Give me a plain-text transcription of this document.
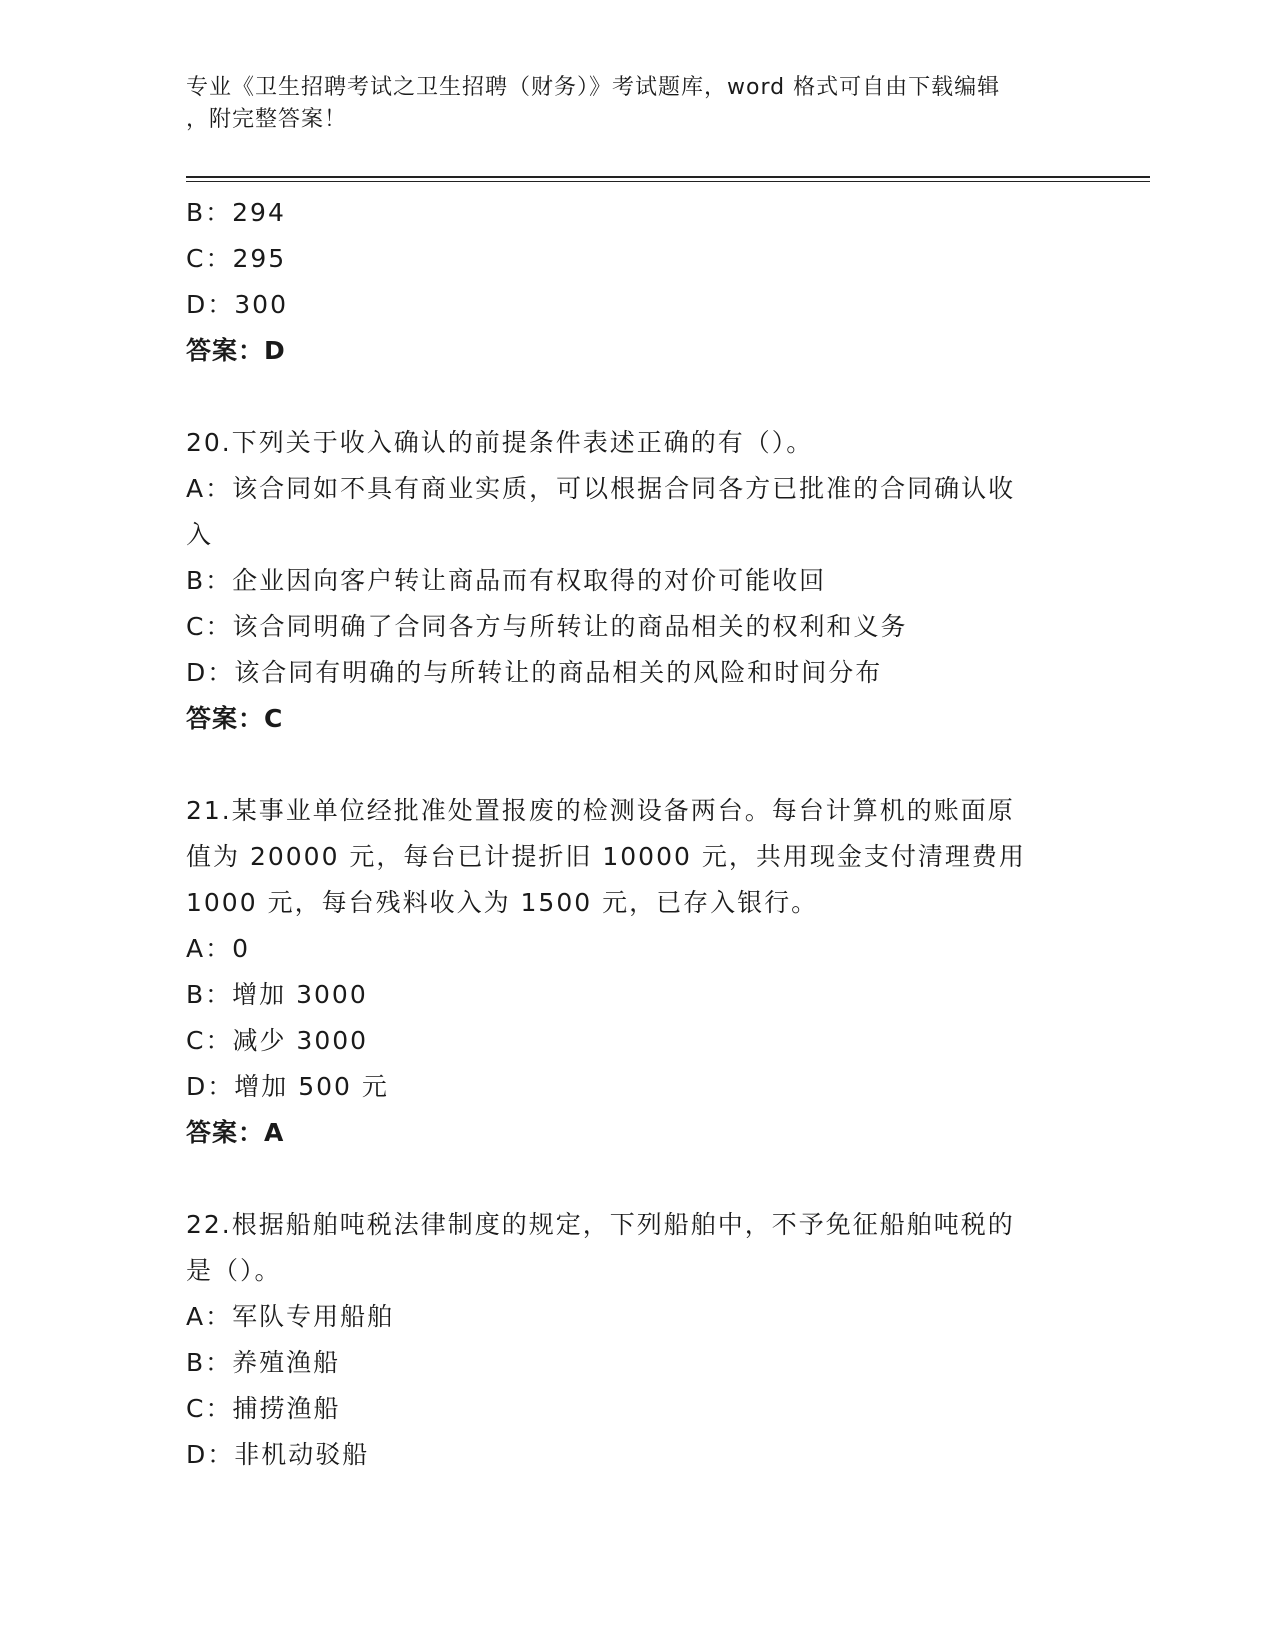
专业《卫生招聘考试之卫生招聘（财务）》考试题库，word 格式可自由下载编辑
，附完整答案！

B：294

C：295

D：300

答案：D

20.下列关于收入确认的前提条件表述正确的有（）。

A：该合同如不具有商业实质，可以根据合同各方已批准的合同确认收

入

B：企业因向客户转让商品而有权取得的对价可能收回

C：该合同明确了合同各方与所转让的商品相关的权利和义务

D：该合同有明确的与所转让的商品相关的风险和时间分布

答案：C

21.某事业单位经批准处置报废的检测设备两台。每台计算机的账面原

值为 20000 元，每台已计提折旧 10000 元，共用现金支付清理费用

1000 元，每台残料收入为 1500 元，已存入银行。

A：0

B：增加 3000

C：减少 3000

D：增加 500 元

答案：A

22.根据船舶吨税法律制度的规定，下列船舶中，不予免征船舶吨税的

是（）。

A：军队专用船舶

B：养殖渔船

C：捕捞渔船

D：非机动驳船
